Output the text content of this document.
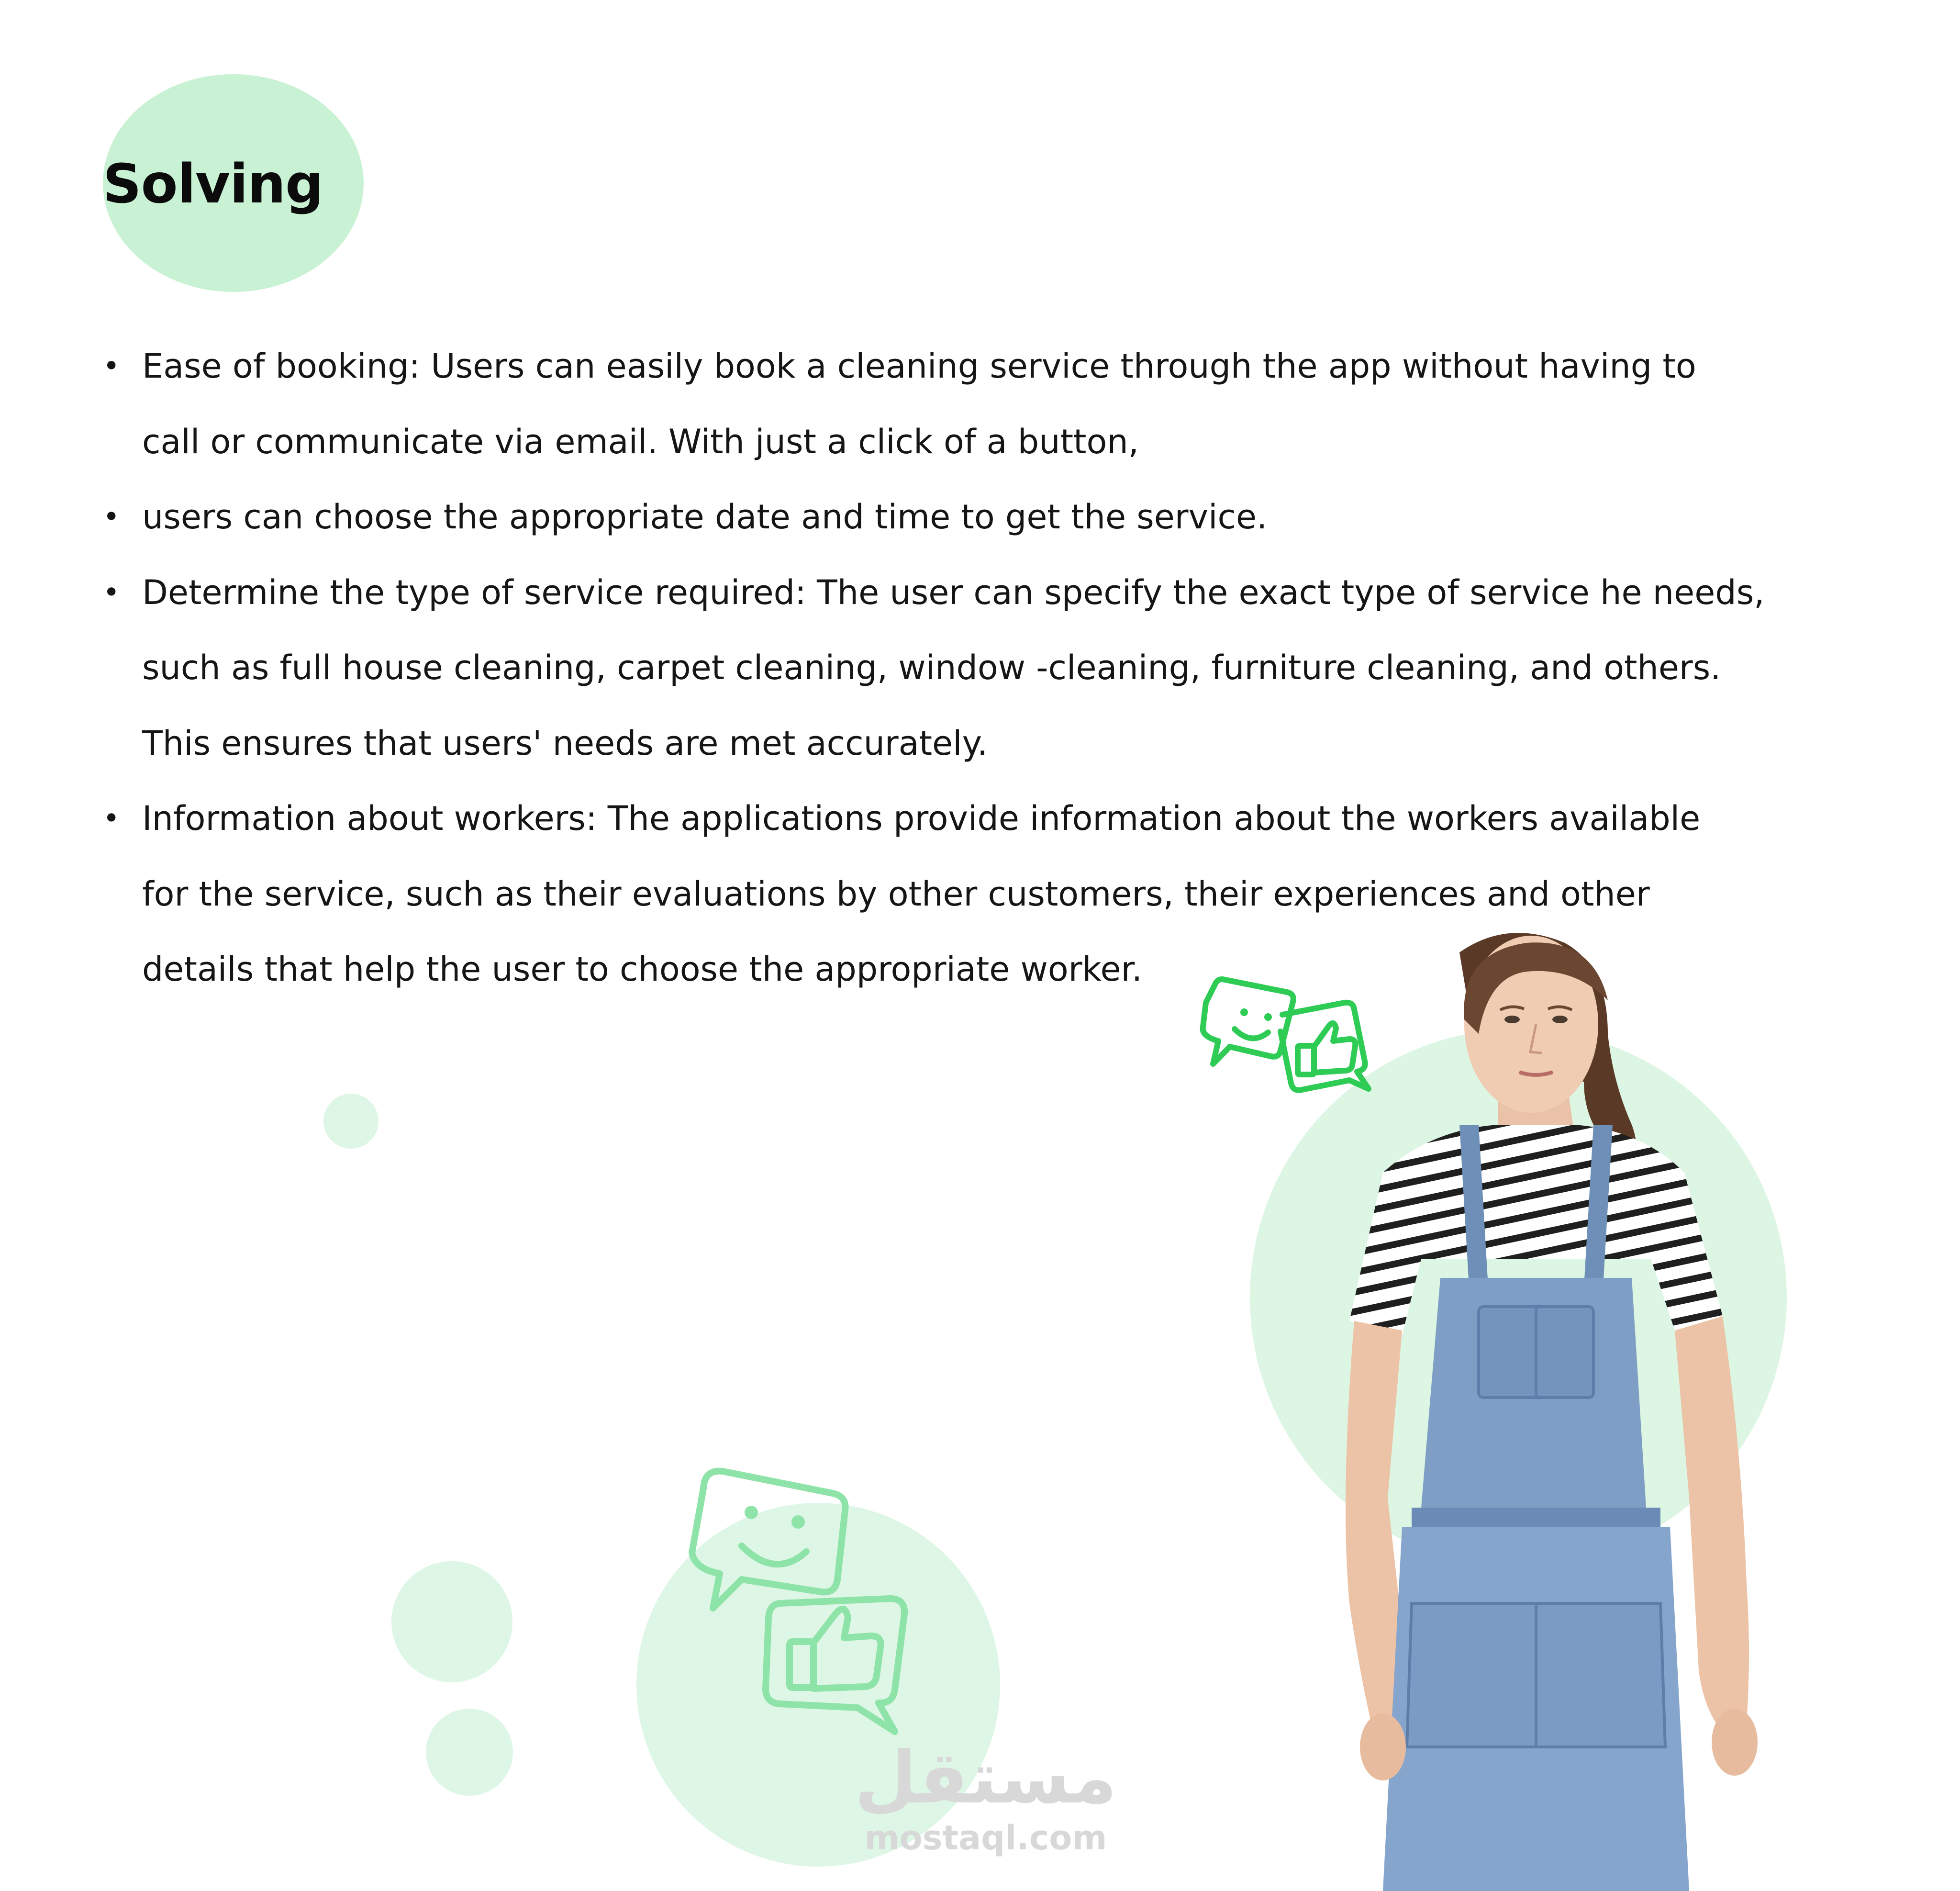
Solving
• Ease of booking: Users can easily book a cleaning service through the app without having to
call or communicate via email. With just a click of a button,
• users can choose the appropriate date and time to get the service.
• Determine the type of service required: The user can specify the exact type of service he needs,
such as full house cleaning, carpet cleaning, window -cleaning, furniture cleaning, and others.
This ensures that users' needs are met accurately.
• Information about workers: The applications provide information about the workers available
for the service, such as their evaluations by other customers, their experiences and other
details that help the user to choose the appropriate worker.
مستقل
mostaql.com
